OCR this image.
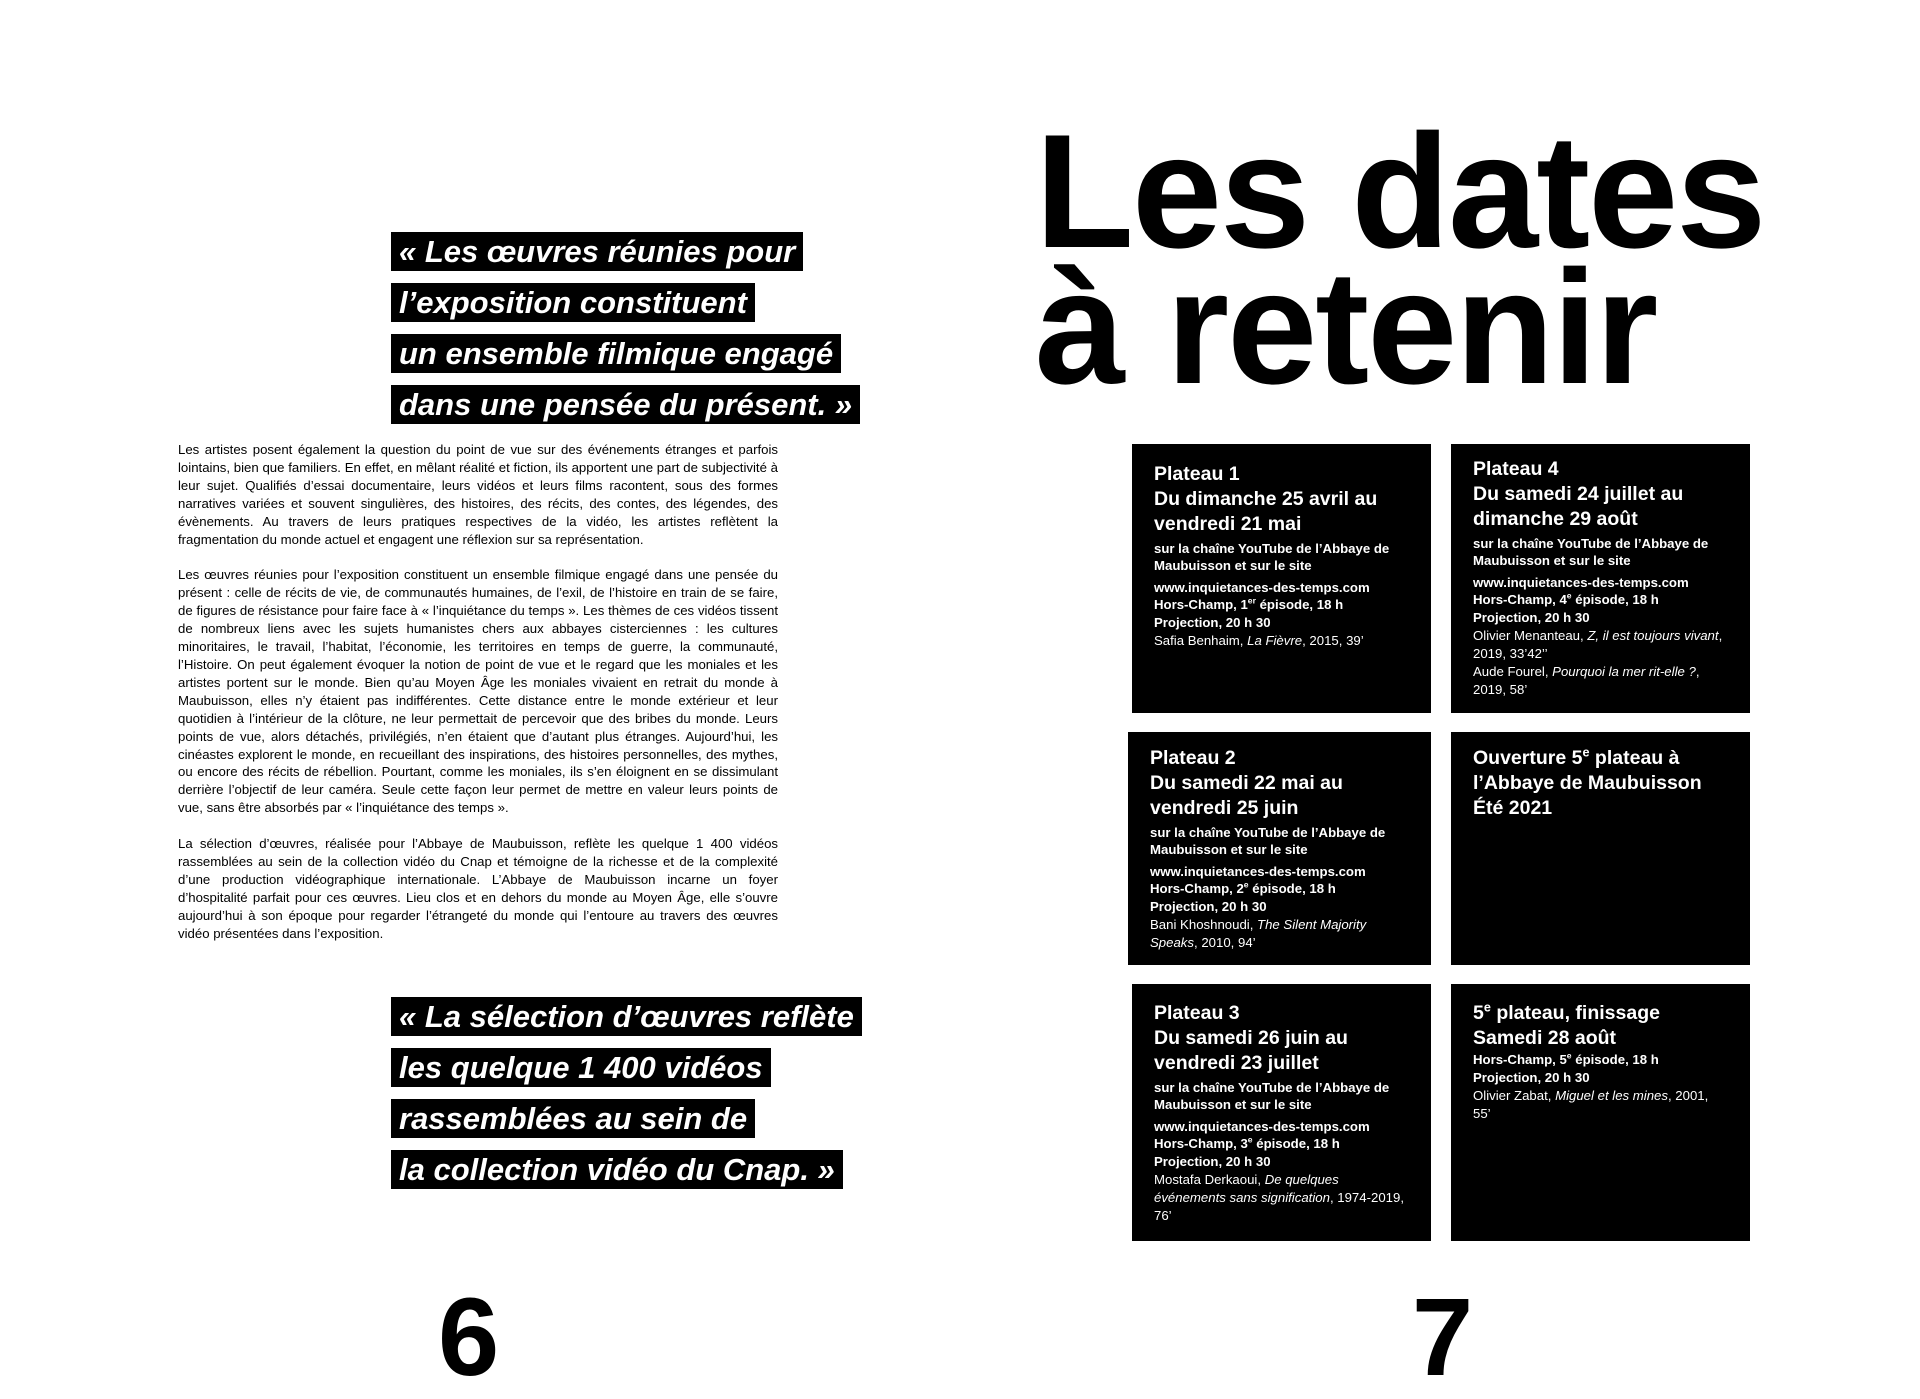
« Les œuvres réunies pour
l’exposition constituent
un ensemble filmique engagé
dans une pensée du présent. »

Les artistes posent également la question du point de vue sur des événements étranges et parfois lointains, bien que familiers. En effet, en mêlant réalité et fiction, ils apportent une part de subjectivité à leur sujet. Qualifiés d’essai documentaire, leurs vidéos et leurs films racontent, sous des formes narratives variées et souvent singulières, des histoires, des récits, des contes, des légendes, des évènements. Au travers de leurs pratiques respectives de la vidéo, les artistes reflètent la fragmentation du monde actuel et engagent une réflexion sur sa représentation.

Les œuvres réunies pour l’exposition constituent un ensemble filmique engagé dans une pensée du présent : celle de récits de vie, de communautés humaines, de l’exil, de l’histoire en train de se faire, de figures de résistance pour faire face à « l’inquiétance du temps ». Les thèmes de ces vidéos tissent de nombreux liens avec les sujets humanistes chers aux abbayes cisterciennes : les cultures minoritaires, le travail, l’habitat, l’économie, les territoires en temps de guerre, la communauté, l’Histoire. On peut également évoquer la notion de point de vue et le regard que les moniales et les artistes portent sur le monde. Bien qu’au Moyen Âge les moniales vivaient en retrait du monde à Maubuisson, elles n’y étaient pas indifférentes. Cette distance entre le monde extérieur et leur quotidien à l’intérieur de la clôture, ne leur permettait de percevoir que des bribes du monde. Leurs points de vue, alors détachés, privilégiés, n’en étaient que d’autant plus étranges. Aujourd’hui, les cinéastes explorent le monde, en recueillant des inspirations, des histoires personnelles, des mythes, ou encore des récits de rébellion. Pourtant, comme les moniales, ils s’en éloignent en se dissimulant derrière l’objectif de leur caméra. Seule cette façon leur permet de mettre en valeur leurs points de vue, sans être absorbés par « l’inquiétance des temps ».

La sélection d’œuvres, réalisée pour l’Abbaye de Maubuisson, reflète les quelque 1 400 vidéos rassemblées au sein de la collection vidéo du Cnap et témoigne de la richesse et de la complexité d’une production vidéographique internationale. L’Abbaye de Maubuisson incarne un foyer d’hospitalité parfait pour ces œuvres. Lieu clos et en dehors du monde au Moyen Âge, elle s’ouvre aujourd’hui à son époque pour regarder l’étrangeté du monde qui l’entoure au travers des œuvres vidéo présentées dans l’exposition.

« La sélection d’œuvres reflète
les quelque 1 400 vidéos
rassemblées au sein de
la collection vidéo du Cnap. »
6
Les dates
à retenir
Plateau 1
Du dimanche 25 avril au vendredi 21 mai
sur la chaîne YouTube de l’Abbaye de Maubuisson et sur le site
www.inquietances-des-temps.com
Hors-Champ, 1er épisode, 18 h
Projection, 20 h 30
Safia Benhaim, La Fièvre, 2015, 39’
Plateau 4
Du samedi 24 juillet au dimanche 29 août
sur la chaîne YouTube de l’Abbaye de Maubuisson et sur le site
www.inquietances-des-temps.com
Hors-Champ, 4e épisode, 18 h
Projection, 20 h 30
Olivier Menanteau, Z, il est toujours vivant, 2019, 33’42’’
Aude Fourel, Pourquoi la mer rit-elle ?, 2019, 58’
Plateau 2
Du samedi 22 mai au vendredi 25 juin
sur la chaîne YouTube de l’Abbaye de Maubuisson et sur le site
www.inquietances-des-temps.com
Hors-Champ, 2e épisode, 18 h
Projection, 20 h 30
Bani Khoshnoudi, The Silent Majority Speaks, 2010, 94’
Ouverture 5e plateau à l’Abbaye de Maubuisson
Été 2021
Plateau 3
Du samedi 26 juin au vendredi 23 juillet
sur la chaîne YouTube de l’Abbaye de Maubuisson et sur le site
www.inquietances-des-temps.com
Hors-Champ, 3e épisode, 18 h
Projection, 20 h 30
Mostafa Derkaoui, De quelques événements sans signification, 1974-2019, 76’
5e plateau, finissage
Samedi 28 août
Hors-Champ, 5e épisode, 18 h
Projection, 20 h 30
Olivier Zabat, Miguel et les mines, 2001, 55’
7
